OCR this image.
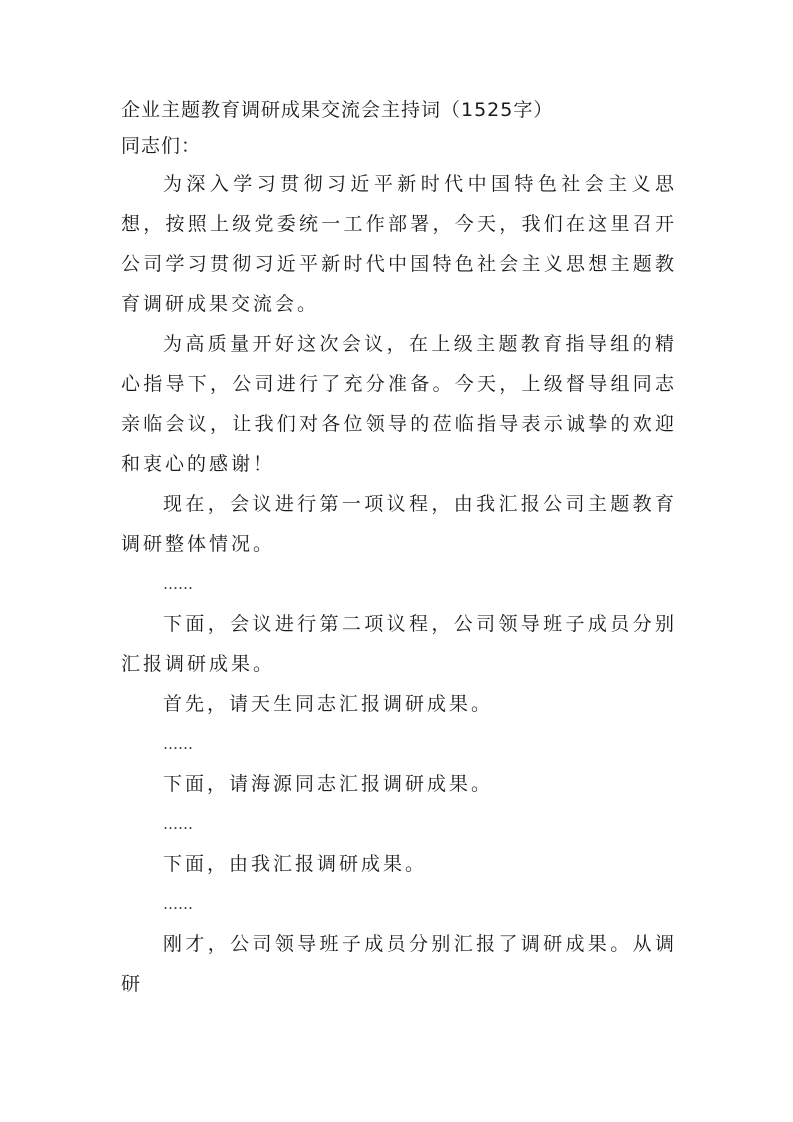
企业主题教育调研成果交流会主持词（1525字）
同志们：

为深入学习贯彻习近平新时代中国特色社会主义思想，按照上级党委统一工作部署，今天，我们在这里召开公司学习贯彻习近平新时代中国特色社会主义思想主题教育调研成果交流会。

为高质量开好这次会议，在上级主题教育指导组的精心指导下，公司进行了充分准备。今天，上级督导组同志亲临会议，让我们对各位领导的莅临指导表示诚挚的欢迎和衷心的感谢！

现在，会议进行第一项议程，由我汇报公司主题教育调研整体情况。

……

下面，会议进行第二项议程，公司领导班子成员分别汇报调研成果。

首先，请天生同志汇报调研成果。

……

下面，请海源同志汇报调研成果。

……

下面，由我汇报调研成果。

……

刚才，公司领导班子成员分别汇报了调研成果。从调研
